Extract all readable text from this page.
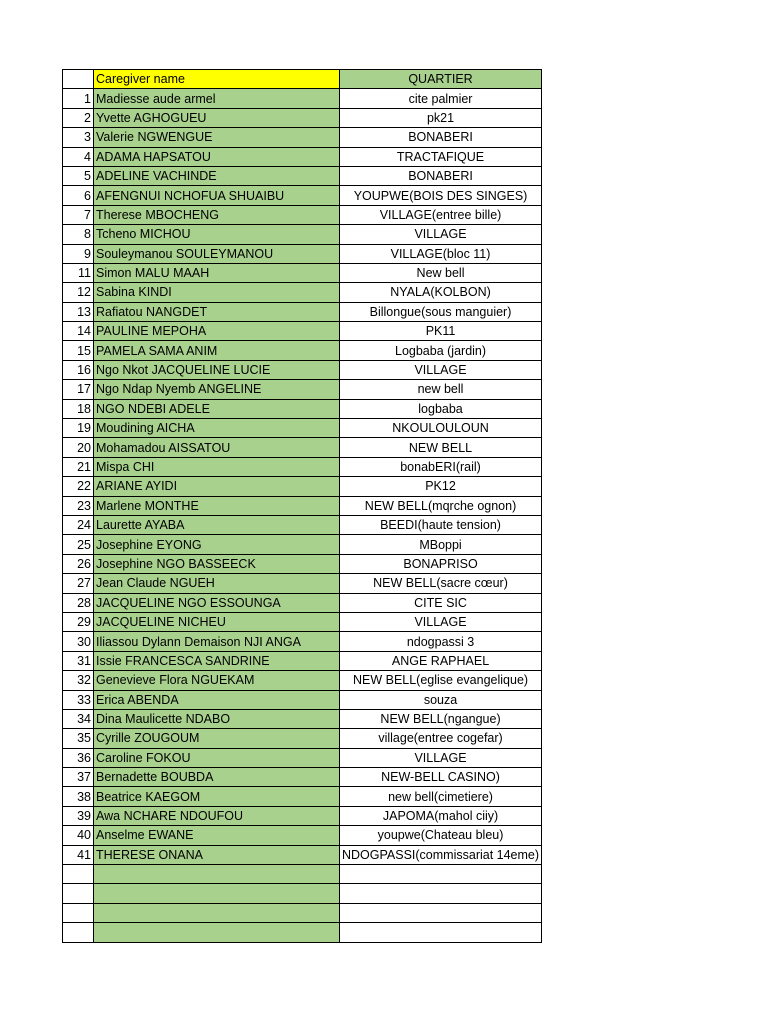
	Caregiver name	QUARTIER
1	Madiesse aude armel	cite palmier
2	Yvette AGHOGUEU	pk21
3	Valerie NGWENGUE	BONABERI
4	ADAMA HAPSATOU	TRACTAFIQUE
5	ADELINE VACHINDE	BONABERI
6	AFENGNUI NCHOFUA SHUAIBU	YOUPWE(BOIS DES SINGES)
7	Therese MBOCHENG	VILLAGE(entree bille)
8	Tcheno MICHOU	VILLAGE
9	Souleymanou SOULEYMANOU	VILLAGE(bloc 11)
11	Simon MALU MAAH	New bell
12	Sabina KINDI	NYALA(KOLBON)
13	Rafiatou NANGDET	Billongue(sous manguier)
14	PAULINE MEPOHA	PK11
15	PAMELA SAMA ANIM	Logbaba (jardin)
16	Ngo Nkot JACQUELINE LUCIE	VILLAGE
17	Ngo Ndap Nyemb ANGELINE	new bell
18	NGO NDEBI ADELE	logbaba
19	Moudining AICHA	NKOULOULOUN
20	Mohamadou AISSATOU	NEW BELL
21	Mispa CHI	bonabERI(rail)
22	ARIANE AYIDI	PK12
23	Marlene MONTHE	NEW BELL(mqrche ognon)
24	Laurette AYABA	BEEDI(haute tension)
25	Josephine EYONG	MBoppi
26	Josephine NGO BASSEECK	BONAPRISO
27	Jean Claude NGUEH	NEW BELL(sacre cœur)
28	JACQUELINE NGO ESSOUNGA	CITE SIC
29	JACQUELINE NICHEU	VILLAGE
30	Iliassou Dylann Demaison NJI ANGA	ndogpassi 3
31	Issie FRANCESCA SANDRINE	ANGE RAPHAEL
32	Genevieve Flora NGUEKAM	NEW BELL(eglise evangelique)
33	Erica ABENDA	souza
34	Dina Maulicette NDABO	NEW BELL(ngangue)
35	Cyrille ZOUGOUM	village(entree cogefar)
36	Caroline FOKOU	VILLAGE
37	Bernadette BOUBDA	NEW-BELL CASINO)
38	Beatrice KAEGOM	new bell(cimetiere)
39	Awa NCHARE NDOUFOU	JAPOMA(mahol ciiy)
40	Anselme EWANE	youpwe(Chateau bleu)
41	THERESE ONANA	NDOGPASSI(commissariat 14eme)
